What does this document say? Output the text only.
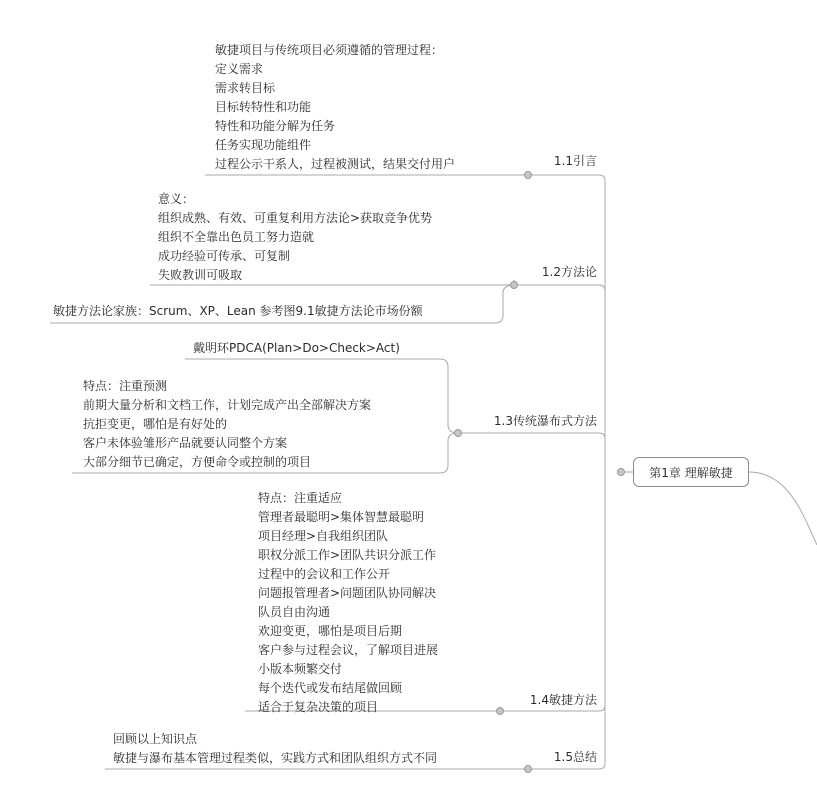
第1章 理解敏捷
敏捷项目与传统项目必须遵循的管理过程：
定义需求
需求转目标
目标转特性和功能
特性和功能分解为任务
任务实现功能组件
过程公示干系人，过程被测试，结果交付用户	1.1引言
意义：
组织成熟、有效、可重复利用方法论>获取竞争优势
组织不全靠出色员工努力造就
成功经验可传承、可复制
失败教训可吸取
敏捷方法论家族：Scrum、XP、Lean 参考图9.1敏捷方法论市场份额
1.2方法论
戴明环PDCA(Plan>Do>Check>Act)
特点：注重预测
前期大量分析和文档工作，计划完成产出全部解决方案
抗拒变更，哪怕是有好处的
客户未体验雏形产品就要认同整个方案
大部分细节已确定，方便命令或控制的项目
1.3传统瀑布式方法
特点：注重适应
管理者最聪明>集体智慧最聪明
项目经理>自我组织团队
职权分派工作>团队共识分派工作
过程中的会议和工作公开
问题报管理者>问题团队协同解决
队员自由沟通
欢迎变更，哪怕是项目后期
客户参与过程会议，了解项目进展
小版本频繁交付
每个迭代或发布结尾做回顾
适合于复杂决策的项目	1.4敏捷方法
回顾以上知识点
敏捷与瀑布基本管理过程类似，实践方式和团队组织方式不同	1.5总结
